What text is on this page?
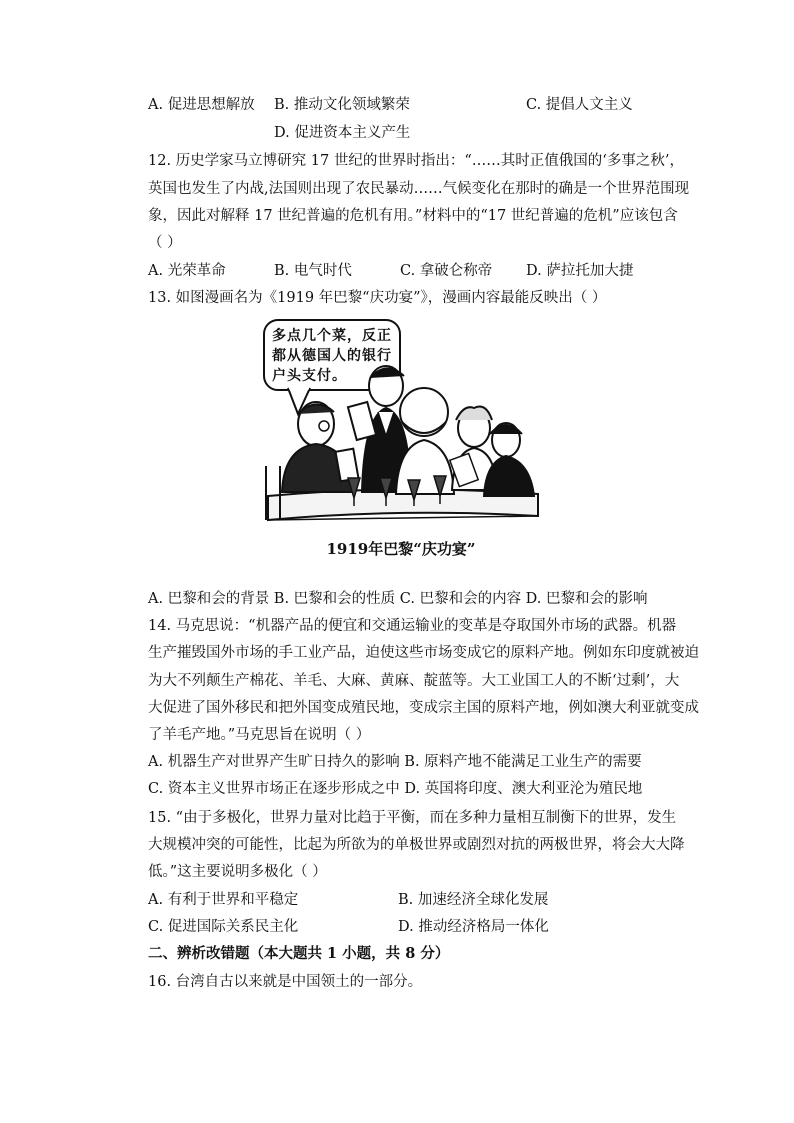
A. 促进思想解放 B. 推动文化领域繁荣	C. 提倡人文主义
D. 促进资本主义产生
12. 历史学家马立博研究 17 世纪的世界时指出：“……其时正值俄国的‘多事之秋’，
英国也发生了内战,法国则出现了农民暴动……气候变化在那时的确是一个世界范围现
象，因此对解释 17 世纪普遍的危机有用。”材料中的“17 世纪普遍的危机”应该包含
（ ）
A. 光荣革命	B. 电气时代	C. 拿破仑称帝 D. 萨拉托加大捷
13. 如图漫画名为《1919 年巴黎“庆功宴”》，漫画内容最能反映出（ ）
多点几个菜，反正都从德国人的银行户头支付。
1919年巴黎“庆功宴”
A. 巴黎和会的背景 B. 巴黎和会的性质 C. 巴黎和会的内容 D. 巴黎和会的影响
14. 马克思说：“机器产品的便宜和交通运输业的变革是夺取国外市场的武器。机器
生产摧毁国外市场的手工业产品，迫使这些市场变成它的原料产地。例如东印度就被迫
为大不列颠生产棉花、羊毛、大麻、黄麻、靛蓝等。大工业国工人的不断‘过剩’，大
大促进了国外移民和把外国变成殖民地，变成宗主国的原料产地，例如澳大利亚就变成
了羊毛产地。”马克思旨在说明（ ）
A. 机器生产对世界产生旷日持久的影响 B. 原料产地不能满足工业生产的需要
C. 资本主义世界市场正在逐步形成之中 D. 英国将印度、澳大利亚沦为殖民地
15. “由于多极化，世界力量对比趋于平衡，而在多种力量相互制衡下的世界，发生
大规模冲突的可能性，比起为所欲为的单极世界或剧烈对抗的两极世界，将会大大降
低。”这主要说明多极化（ ）
A. 有利于世界和平稳定	B. 加速经济全球化发展
C. 促进国际关系民主化	D. 推动经济格局一体化
二、辨析改错题（本大题共 1 小题，共 8 分）
16. 台湾自古以来就是中国领土的一部分。
